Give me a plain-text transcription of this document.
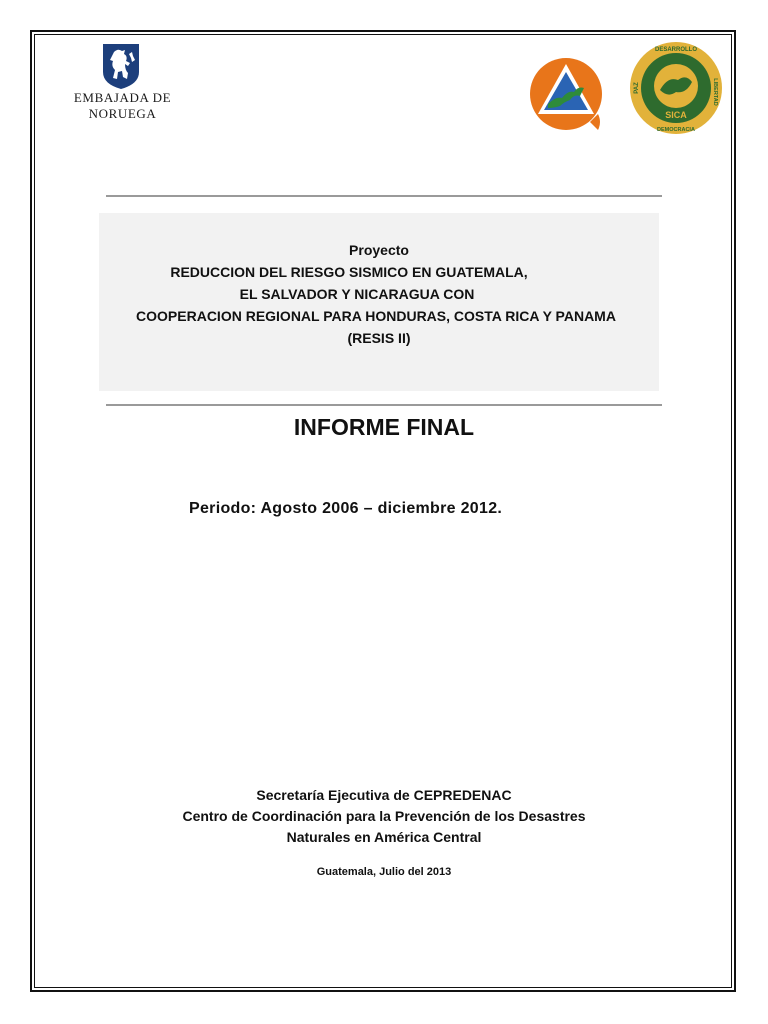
EMBAJADA DE NORUEGA
DESARROLLO
LIBERTAD
DEMOCRACIA
PAZ
SICA
Proyecto
REDUCCION DEL RIESGO SISMICO EN GUATEMALA,
EL SALVADOR Y NICARAGUA CON
COOPERACION REGIONAL PARA HONDURAS, COSTA RICA Y PANAMA
(RESIS II)
INFORME FINAL
Periodo: Agosto 2006 – diciembre 2012.
Secretaría Ejecutiva de CEPREDENAC
Centro de Coordinación para la Prevención de los Desastres
Naturales en América Central
Guatemala, Julio del 2013
